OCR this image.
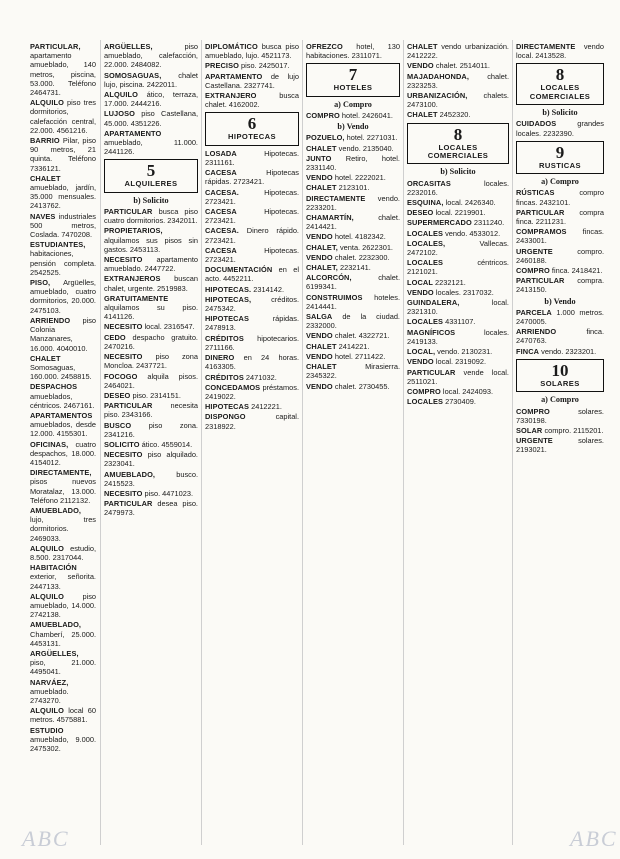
PARTICULAR, apartamento amueblado, 140 metros, piscina, 53.000. Teléfono 2464731.
ALQUILO piso tres dormitorios, calefacción central, 22.000. 4561216.
BARRIO Pilar, piso 90 metros, 21 quinta. Teléfono 7336121.
CHALET amueblado, jardín, 35.000 mensuales. 2413762.
NAVES industriales 500 metros, Coslada. 7470208.
ESTUDIANTES, habitaciones, pensión completa. 2542525.
PISO, Argüelles, amueblado, cuatro dormitorios, 20.000. 2475103.
ARRIENDO piso Colonia Manzanares, 16.000. 4040010.
CHALET Somosaguas, 160.000. 2458815.
DESPACHOS amueblados, céntricos. 2467161.
APARTAMENTOS amueblados, desde 12.000. 4155301.
OFICINAS, cuatro despachos, 18.000. 4154012.
DIRECTAMENTE, pisos nuevos Moratalaz, 13.000. Teléfono 2112132.
AMUEBLADO, lujo, tres dormitorios. 2469033.
ALQUILO estudio, 8.500. 2317044.
HABITACIÓN exterior, señorita. 2447133.
ALQUILO piso amueblado, 14.000. 2742138.
AMUEBLADO, Chamberí, 25.000. 4453131.
ARGÜELLES, piso, 21.000. 4495041.
NARVÁEZ, amueblado. 2743270.
ALQUILO local 60 metros. 4575881.
ESTUDIO amueblado, 9.000. 2475302.
ARGÜELLES,	piso amueblado, calefacción, 22.000. 2484082.
SOMOSAGUAS, chalet lujo, piscina. 2422011.
ALQUILO ático, terraza, 17.000. 2444216.
LUJOSO piso Castellana, 45.000. 4351226.
APARTAMENTO amueblado, 11.000. 2441126.
5
ALQUILERES
b) Solicito
PARTICULAR busca piso cuatro dormitorios. 2342011.
PROPIETARIOS, alquilamos sus pisos sin gastos. 2453113.
NECESITO apartamento amueblado. 2447722.
EXTRANJEROS buscan chalet, urgente. 2519983.
GRATUITAMENTE alquilamos su piso. 4141126.
NECESITO local. 2316547.
CEDO despacho gratuito. 2470216.
NECESITO piso zona Moncloa. 2437721.
FOCOGO alquila pisos. 2464021.
DESEO piso. 2314151.
PARTICULAR necesita piso. 2343166.
BUSCO piso zona. 2341216.
SOLICITO ático. 4559014.
NECESITO piso alquilado. 2323041.
AMUEBLADO,	busco. 2415523.
NECESITO piso. 4471023.
PARTICULAR desea piso. 2479973.
DIPLOMÁTICO busca piso amueblado, lujo. 4521173.
PRECISO piso. 2425017.
APARTAMENTO de lujo Castellana. 2327741.
EXTRANJERO	busca chalet. 4162002.
6
HIPOTECAS
LOSADA	Hipotecas. 2311161.
CACESA	Hipotecas rápidas. 2723421.
CACESA.	Hipotecas. 2723421.
CACESA	Hipotecas. 2723421.
CACESA. Dinero rápido. 2723421.
CACESA	Hipotecas. 2723421.
DOCUMENTACIÓN en el acto. 4452211.
HIPOTECAS. 2314142.
HIPOTECAS,	créditos. 2475342.
HIPOTECAS	rápidas. 2478913.
CRÉDITOS hipotecarios. 2711166.
DINERO en 24 horas. 4163305.
CRÉDITOS 2471032.
CONCEDAMOS préstamos. 2419022.
HIPOTECAS 2412221.
DISPONGO	capital. 2318922.
OFREZCO hotel, 130 habitaciones. 2311071.
7
HOTELES
a) Compro
COMPRO hotel. 2426041.
b) Vendo
POZUELO, hotel. 2271031.
CHALET vendo. 2135040.
JUNTO Retiro, hotel. 2331140.
VENDO hotel. 2222021.
CHALET 2123101.
DIRECTAMENTE vendo. 2233201.
CHAMARTÍN,	chalet. 2414421.
VENDO hotel. 4182342.
CHALET, venta. 2622301.
VENDO chalet. 2232300.
CHALET, 2232141.
ALCORCÓN,	chalet. 6199341.
CONSTRUIMOS hoteles. 2414441.
SALGA de la ciudad. 2332000.
VENDO chalet. 4322721.
CHALET 2414221.
VENDO hotel. 2711422.
CHALET	Mirasierra. 2345322.
VENDO chalet. 2730455.
CHALET vendo urbanización. 2412222.
VENDO chalet. 2514011.
MAJADAHONDA, chalet. 2323253.
URBANIZACIÓN, chalets. 2473100.
CHALET 2452320.
8
LOCALES COMERCIALES
b) Solicito
ORCASITAS	locales. 2232016.
ESQUINA, local. 2426340.
DESEO local. 2219901.
SUPERMERCADO 2311240.
LOCALES vendo. 4533012.
LOCALES,	Vallecas. 2472102.
LOCALES	céntricos. 2121021.
LOCAL 2232121.
VENDO locales. 2317032.
GUINDALERA,	local. 2321310.
LOCALES 4331107.
MAGNÍFICOS	locales. 2419133.
LOCAL, vendo. 2130231.
VENDO local. 2319092.
PARTICULAR vende local. 2511021.
COMPRO local. 2424093.
LOCALES 2730409.
DIRECTAMENTE vendo local. 2413528.
8
LOCALES COMERCIALES
b) Solicito
CUIDADOS	grandes locales. 2232390.
9
RUSTICAS
a) Compro
RÚSTICAS	compro fincas. 2432101.
PARTICULAR compra finca. 2211231.
COMPRAMOS fincas. 2433001.
URGENTE	compro. 2460188.
COMPRO finca. 2418421.
PARTICULAR compra. 2413150.
b) Vendo
PARCELA 1.000 metros. 2470005.
ARRIENDO	finca. 2470763.
FINCA vendo. 2323201.
10
SOLARES
a) Compro
COMPRO	solares. 7330198.
SOLAR compro. 2115201.
URGENTE	solares. 2193021.
ABC	ABC
